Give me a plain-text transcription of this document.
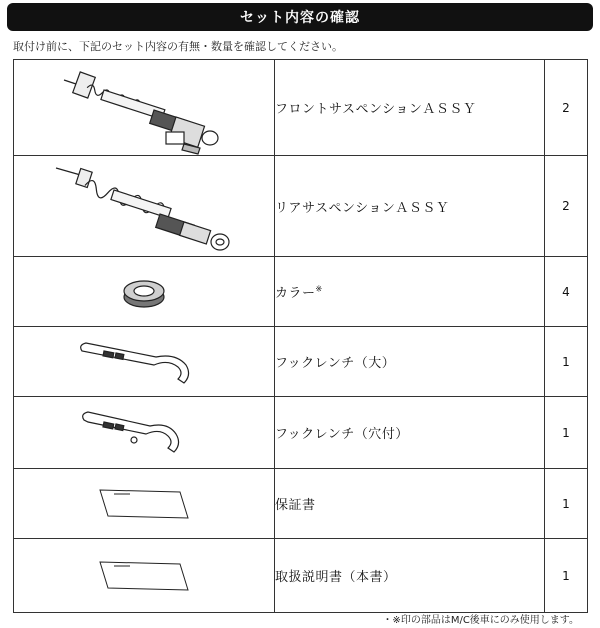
セット内容の確認
取付け前に、下記のセット内容の有無・数量を確認してください。
	フロントサスペンションＡＳＳＹ	2

	リアサスペンションＡＳＳＹ	2

	カラー※	4

	フックレンチ（大）	1

	フックレンチ（穴付）	1

	保証書	1

	取扱説明書（本書）	1
・※印の部品はM/C後車にのみ使用します。
